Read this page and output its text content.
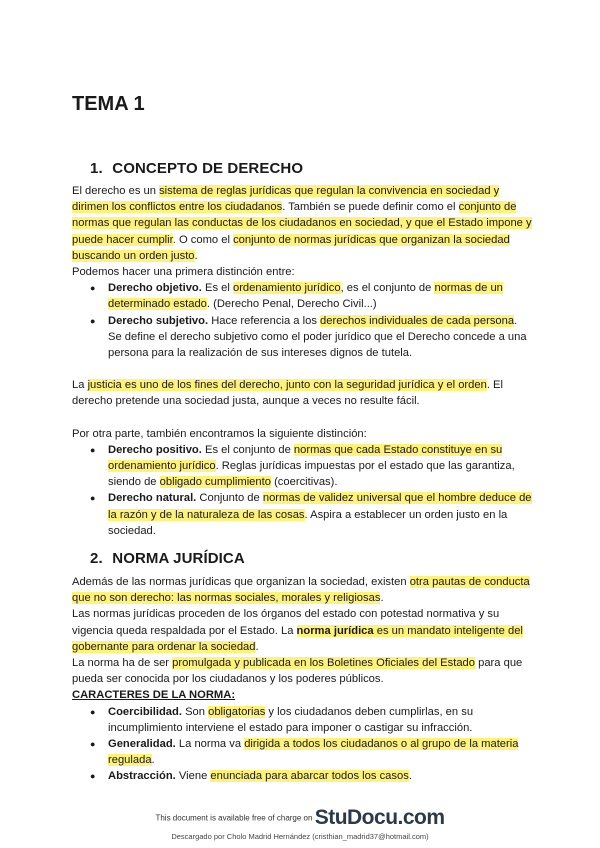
TEMA 1
1. CONCEPTO DE DERECHO

El derecho es un sistema de reglas jurídicas que regulan la convivencia en sociedad y dirimen los conflictos entre los ciudadanos. También se puede definir como el conjunto de normas que regulan las conductas de los ciudadanos en sociedad, y que el Estado impone y puede hacer cumplir. O como el conjunto de normas jurídicas que organizan la sociedad buscando un orden justo.

Podemos hacer una primera distinción entre:

● Derecho objetivo. Es el ordenamiento jurídico, es el conjunto de normas de un determinado estado. (Derecho Penal, Derecho Civil...)
● Derecho subjetivo. Hace referencia a los derechos individuales de cada persona. Se define el derecho subjetivo como el poder jurídico que el Derecho concede a una persona para la realización de sus intereses dignos de tutela.

La justicia es uno de los fines del derecho, junto con la seguridad jurídica y el orden. El derecho pretende una sociedad justa, aunque a veces no resulte fácil.

Por otra parte, también encontramos la siguiente distinción:

● Derecho positivo. Es el conjunto de normas que cada Estado constituye en su ordenamiento jurídico. Reglas jurídicas impuestas por el estado que las garantiza, siendo de obligado cumplimiento (coercitivas).
● Derecho natural. Conjunto de normas de validez universal que el hombre deduce de la razón y de la naturaleza de las cosas. Aspira a establecer un orden justo en la sociedad.
2. NORMA JURÍDICA

Además de las normas jurídicas que organizan la sociedad, existen otra pautas de conducta que no son derecho: las normas sociales, morales y religiosas.

Las normas jurídicas proceden de los órganos del estado con potestad normativa y su vigencia queda respaldada por el Estado. La norma jurídica es un mandato inteligente del gobernante para ordenar la sociedad.

La norma ha de ser promulgada y publicada en los Boletines Oficiales del Estado para que pueda ser conocida por los ciudadanos y los poderes públicos.

CARACTERES DE LA NORMA:

● Coercibilidad. Son obligatorias y los ciudadanos deben cumplirlas, en su incumplimiento interviene el estado para imponer o castigar su infracción.
● Generalidad. La norma va dirigida a todos los ciudadanos o al grupo de la materia regulada.
● Abstracción. Viene enunciada para abarcar todos los casos.
This document is available free of charge on StuDocu.com
Descargado por Cholo Madrid Hernández (cristhian_madrid37@hotmail.com)
